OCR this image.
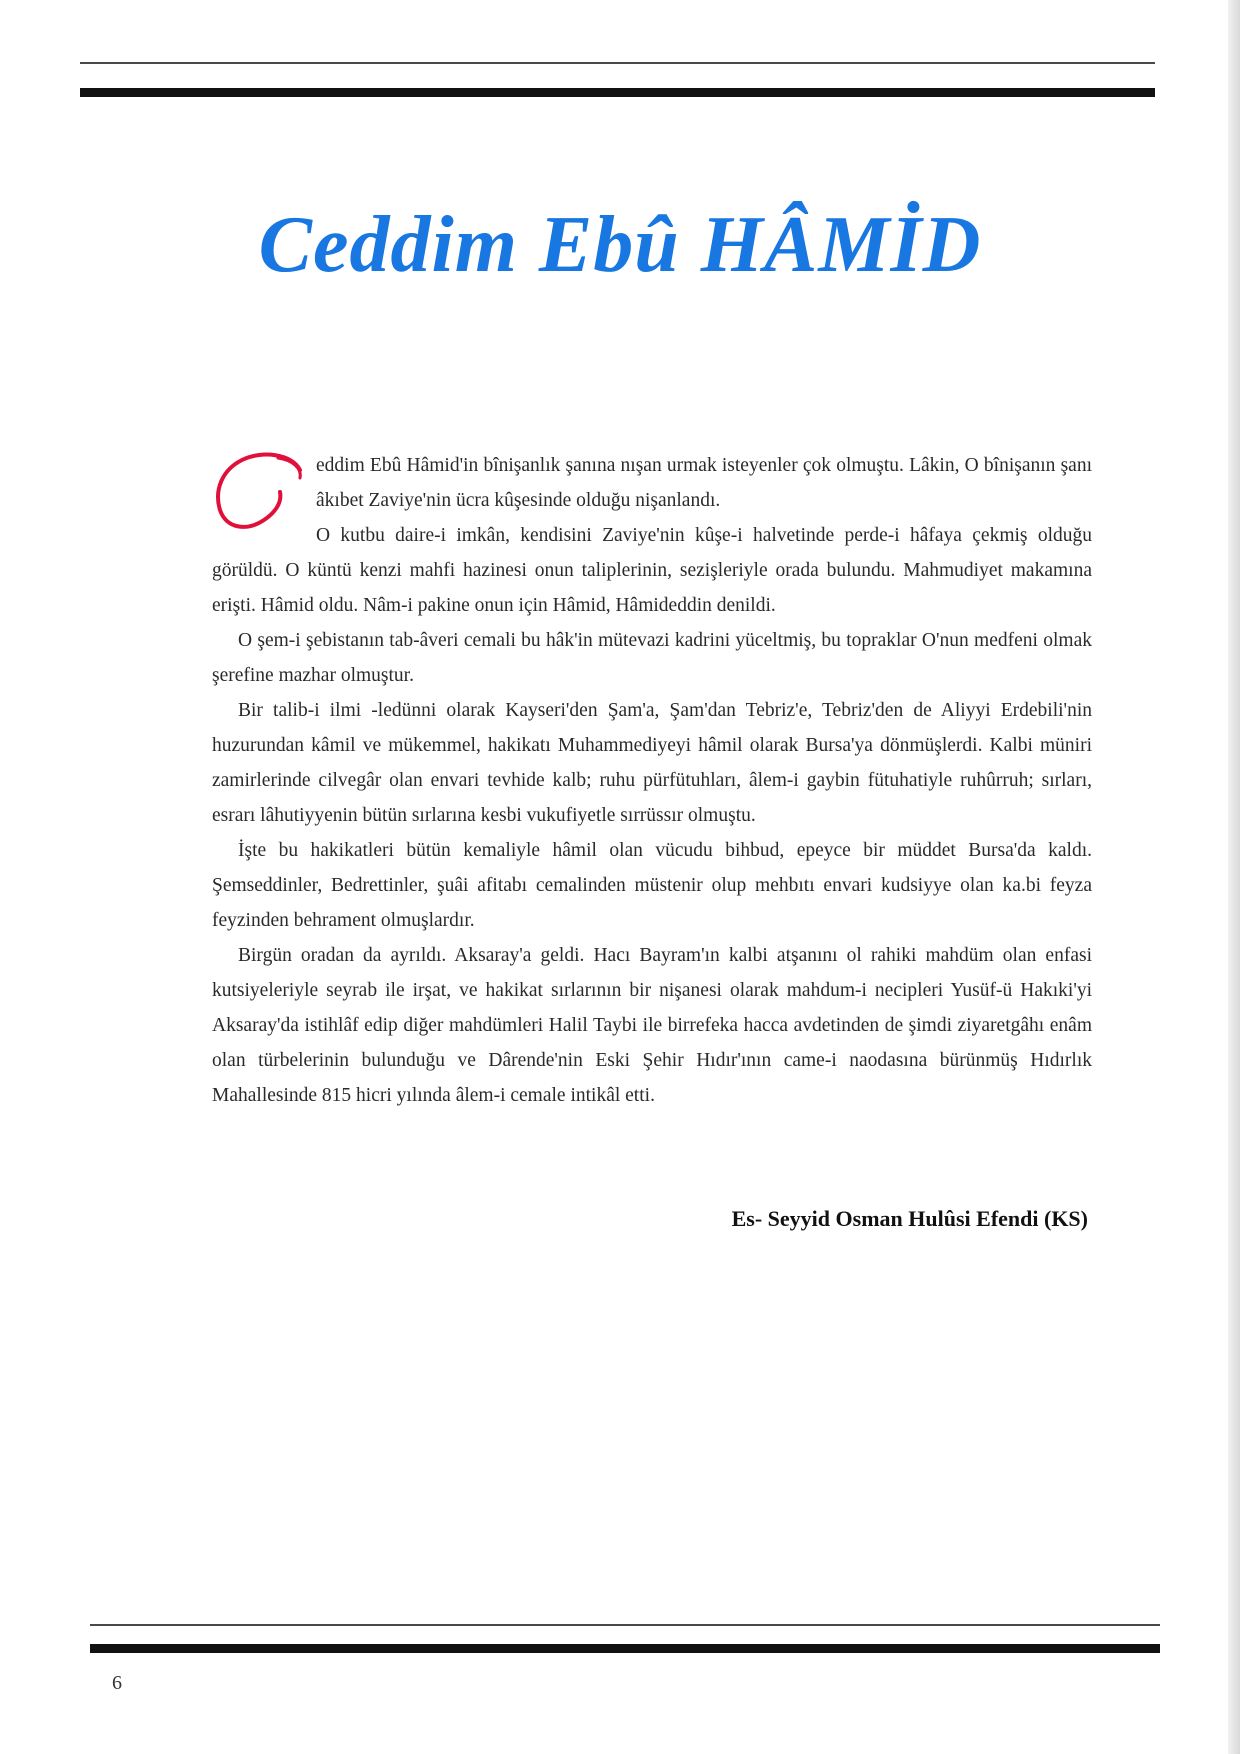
Ceddim Ebû HÂMİD

eddim Ebû Hâmid'in bînişanlık şanına nışan urmak isteyenler çok olmuştu. Lâkin, O bînişanın şanı âkıbet Zaviye'nin ücra kûşesinde olduğu nişanlandı.

O kutbu daire-i imkân, kendisini Zaviye'nin kûşe-i halvetinde perde-i hâfaya çekmiş olduğu görüldü. O küntü kenzi mahfi hazinesi onun taliplerinin, sezişleriyle orada bulundu. Mahmudiyet makamına erişti. Hâmid oldu. Nâm-i pakine onun için Hâmid, Hâmideddin denildi.

O şem-i şebistanın tab-âveri cemali bu hâk'in mütevazi kadrini yüceltmiş, bu topraklar O'nun medfeni olmak şerefine mazhar olmuştur.

Bir talib-i ilmi -ledünni olarak Kayseri'den Şam'a, Şam'dan Tebriz'e, Tebriz'den de Aliyyi Erdebili'nin huzurundan kâmil ve mükemmel, hakikatı Muhammediyeyi hâmil olarak Bursa'ya dönmüşlerdi. Kalbi müniri zamirlerinde cilvegâr olan envari tevhide kalb; ruhu pürfütuhları, âlem-i gaybin fütuhatiyle ruhûrruh; sırları, esrarı lâhutiyyenin bütün sırlarına kesbi vukufiyetle sırrüssır olmuştu.

İşte bu hakikatleri bütün kemaliyle hâmil olan vücudu bihbud, epeyce bir müddet Bursa'da kaldı. Şemseddinler, Bedrettinler, şuâi afitabı cemalinden müstenir olup mehbıtı envari kudsiyye olan ka.bi feyza feyzinden behrament olmuşlardır.

Birgün oradan da ayrıldı. Aksaray'a geldi. Hacı Bayram'ın kalbi atşanını ol rahiki mahdüm olan enfasi kutsiyeleriyle seyrab ile irşat, ve hakikat sırlarının bir nişanesi olarak mahdum-i necipleri Yusüf-ü Hakıki'yi Aksaray'da istihlâf edip diğer mahdümleri Halil Taybi ile birrefeka hacca avdetinden de şimdi ziyaretgâhı enâm olan türbelerinin bulunduğu ve Dârende'nin Eski Şehir Hıdır'ının came-i naodasına bürünmüş Hıdırlık Mahallesinde 815 hicri yılında âlem-i cemale intikâl etti.

Es- Seyyid Osman Hulûsi Efendi (KS)
6
